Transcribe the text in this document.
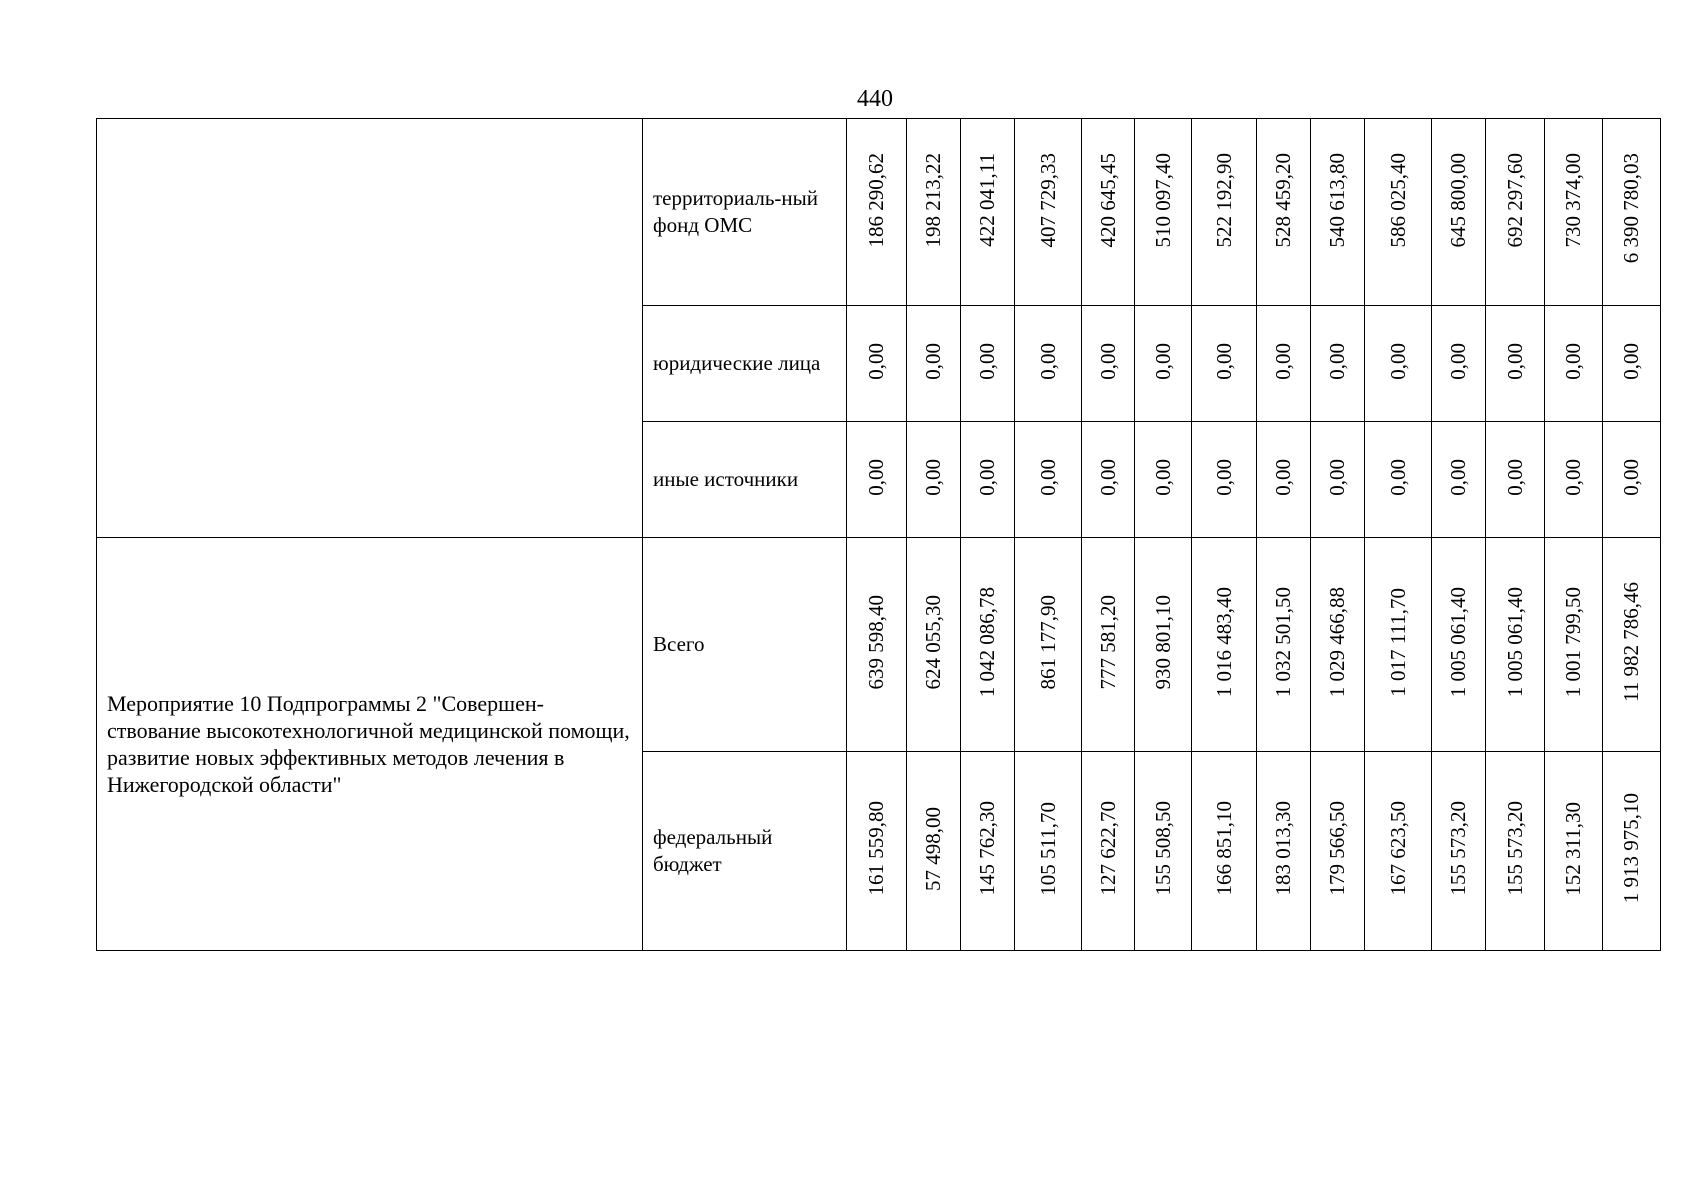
440
	территориаль-ный фонд ОМС	186 290,62	198 213,22	422 041,11	407 729,33	420 645,45	510 097,40	522 192,90	528 459,20	540 613,80	586 025,40	645 800,00	692 297,60	730 374,00	6 390 780,03
	юридические лица	0,00	0,00	0,00	0,00	0,00	0,00	0,00	0,00	0,00	0,00	0,00	0,00	0,00	0,00
	иные источники	0,00	0,00	0,00	0,00	0,00	0,00	0,00	0,00	0,00	0,00	0,00	0,00	0,00	0,00
Мероприятие 10 Подпрограммы 2 "Совершен-ствование высокотехнологичной медицинской помощи, развитие новых эффективных методов лечения в Нижегородской области"	Всего	639 598,40	624 055,30	1 042 086,78	861 177,90	777 581,20	930 801,10	1 016 483,40	1 032 501,50	1 029 466,88	1 017 111,70	1 005 061,40	1 005 061,40	1 001 799,50	11 982 786,46
	федеральный бюджет	161 559,80	57 498,00	145 762,30	105 511,70	127 622,70	155 508,50	166 851,10	183 013,30	179 566,50	167 623,50	155 573,20	155 573,20	152 311,30	1 913 975,10
